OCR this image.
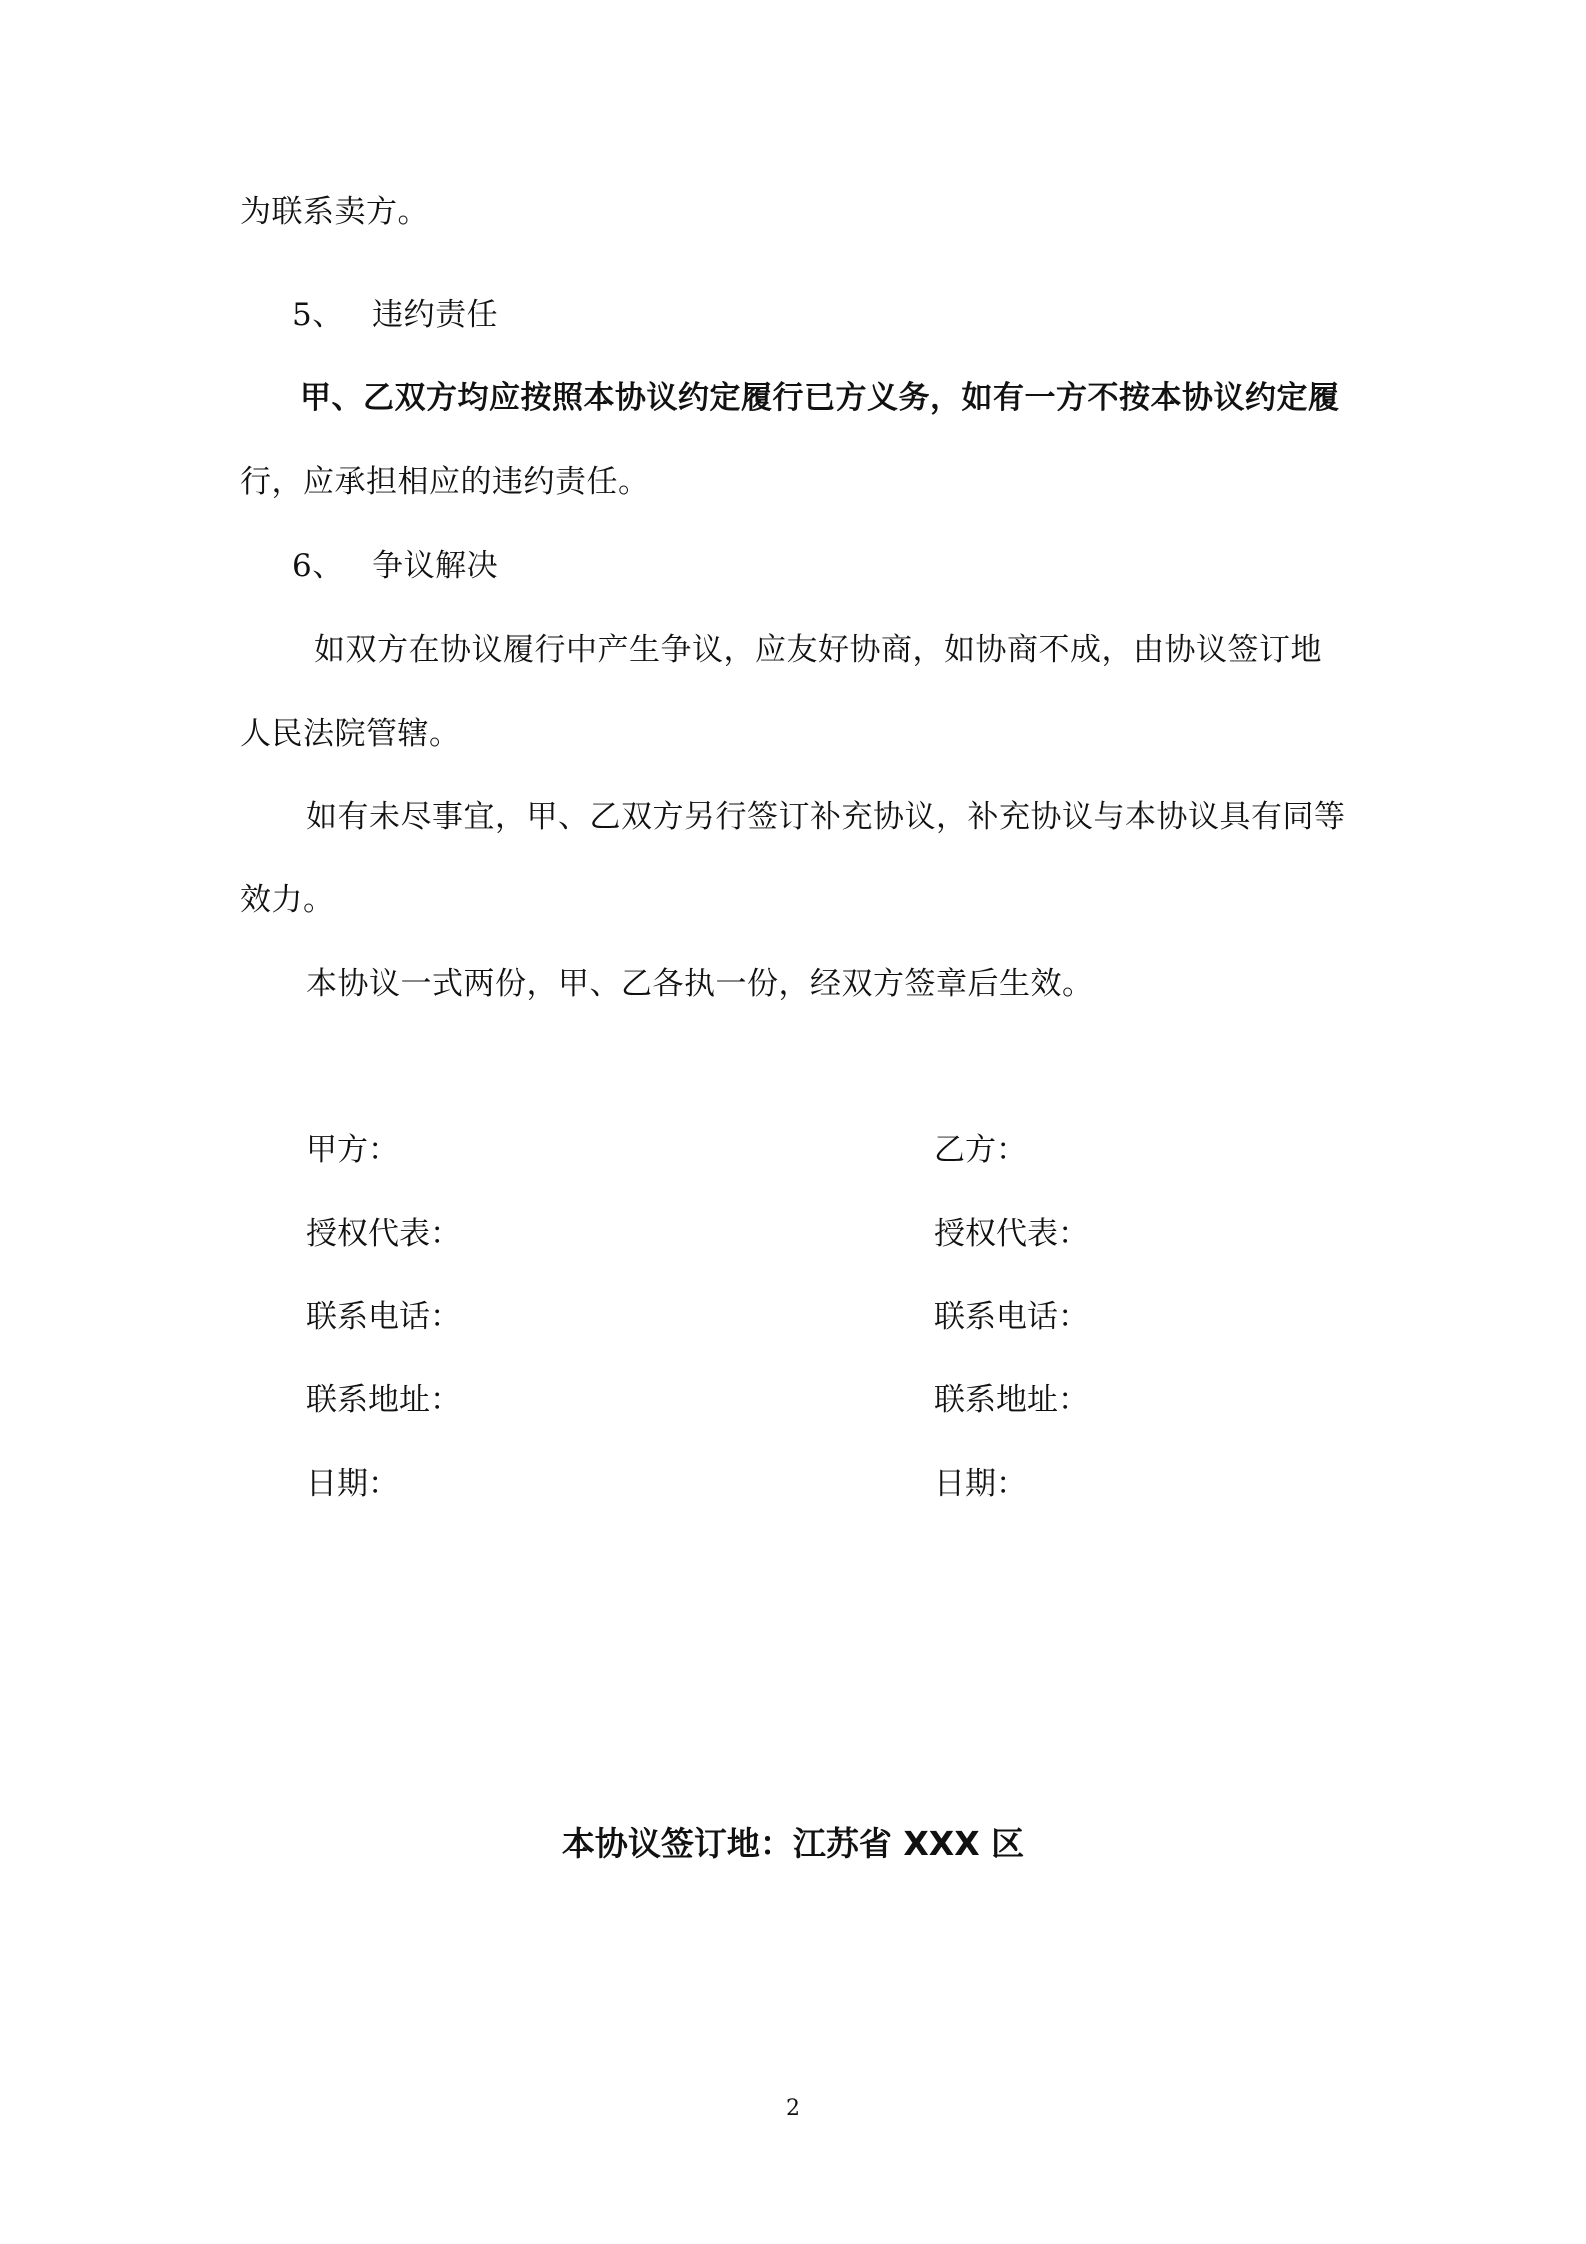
为联系卖方。
5、 违约责任
甲、乙双方均应按照本协议约定履行已方义务，如有一方不按本协议约定履
行，应承担相应的违约责任。
6、 争议解决
如双方在协议履行中产生争议，应友好协商，如协商不成，由协议签订地
人民法院管辖。
如有未尽事宜，甲、乙双方另行签订补充协议，补充协议与本协议具有同等
效力。
本协议一式两份，甲、乙各执一份，经双方签章后生效。
甲方：
授权代表：
联系电话：
联系地址：
日期：
乙方：
授权代表：
联系电话：
联系地址：
日期：
本协议签订地：江苏省 XXX 区
2
